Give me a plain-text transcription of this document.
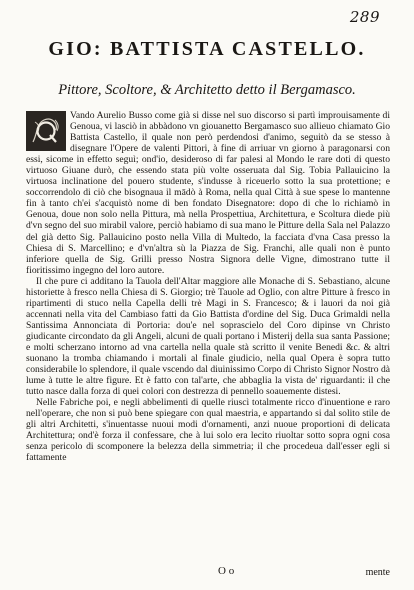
289
GIO: BATTISTA CASTELLO.
Pittore, Scoltore, & Architetto detto il Bergamasco.

Vando Aurelio Busso come già si disse nel suo discorso si partì improuisamente di Genoua, vi lasciò in abbàdono vn giouanetto Bergamasco suo allieuo chiamato Gio Battista Castello, il quale non però perdendosi d'animo, seguitò da se stesso à disegnare l'Opere de valenti Pittori, à fine di arriuar vn giorno à paragonarsi con essi, sicome in effetto seguì; ond'io, desideroso di far palesi al Mondo le rare doti di questo virtuoso Giuane durò, che essendo stata più volte osseruata dal Sig. Tobia Pallauicino la virtuosa inclinatione del pouero studente, s'indusse à riceuerlo sotto la sua protettione; e soccorrendolo di ciò che bisognaua il mādò à Roma, nella qual Città à sue spese lo mantenne fin à tanto ch'ei s'acquistò nome di ben fondato Disegnatore: dopo di che lo richiamò in Genoua, doue non solo nella Pittura, mà nella Prospettiua, Architettura, e Scoltura diede più d'vn segno del suo mirabil valore, perciò habiamo di sua mano le Pitture della Sala nel Palazzo del già detto Sig. Pallauicino posto nella Villa di Multedo, la facciata d'vna Casa presso la Chiesa di S. Marcellino; e d'vn'altra sù la Piazza de Sig. Franchi, alle quali non è punto inferiore quella de Sig. Grilli presso Nostra Signora delle Vigne, dimostrano tutte il fioritissimo ingegno del loro autore.

Il che pure ci additano la Tauola dell'Altar maggiore alle Monache di S. Sebastiano, alcune historiette à fresco nella Chiesa di S. Giorgio; trè Tauole ad Oglio, con altre Pitture à fresco in ripartimenti di stuco nella Capella delli trè Magi in S. Francesco; & i lauori da noi già accennati nella vita del Cambiaso fatti da Gio Battista d'ordine del Sig. Duca Grimaldi nella Santissima Annonciata di Portoria: dou'e nel soprascielo del Coro dipinse vn Christo giudicante circondato da gli Angeli, alcuni de quali portano i Misterij della sua santa Passione; e molti scherzano intorno ad vna cartella nella quale stà scritto il venite Benedi &c. & altri suonano la tromba chiamando i mortali al finale giudicio, nella qual Opera è sopra tutto considerabile lo splendore, il quale vscendo dal diuinissimo Corpo di Christo Signor Nostro dà lume à tutte le altre figure. Et è fatto con tal'arte, che abbaglia la vista de' riguardanti: il che tutto nasce dalla forza di quei colori con destrezza di pennello soauemente distesi.

Nelle Fabriche poi, e negli abbelimenti di quelle riuscì totalmente ricco d'inuentione e raro nell'operare, che non si può bene spiegare con qual maestria, e appartando si dal solito stile de gli altri Architetti, s'inuentasse nuoui modi d'ornamenti, anzi nuoue proportioni di delicata Architettura; ond'è forza il confessare, che à lui solo era lecito riuoltar sotto sopra ogni cosa senza pericolo di scomponere la belezza della simmetria; il che procedeua dall'esser egli si fattamente

O o	mente
